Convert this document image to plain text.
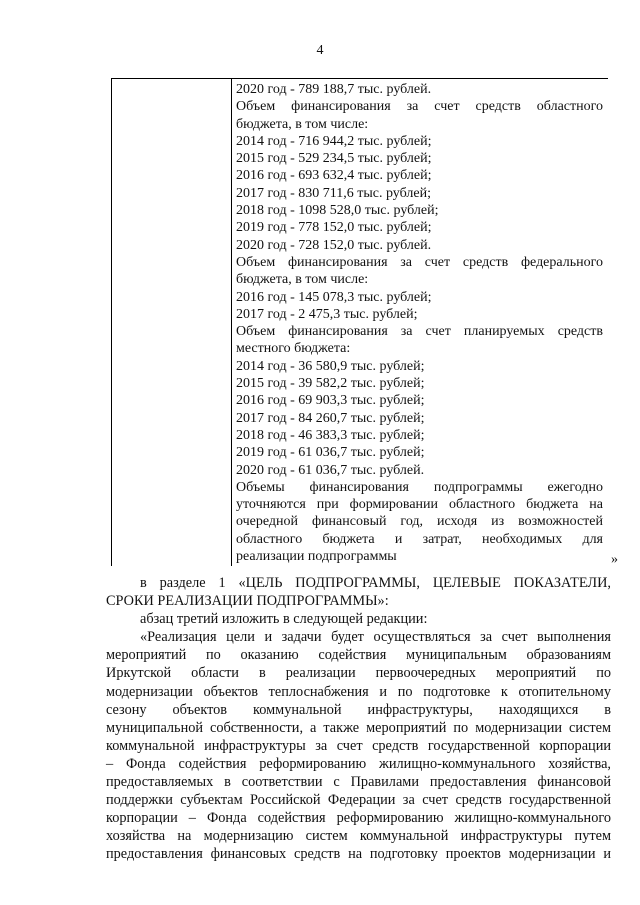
4

2020 год - 789 188,7 тыс. рублей.

Объем финансирования за счет средств областного

бюджета, в том числе:

2014 год - 716 944,2 тыс. рублей;

2015 год - 529 234,5 тыс. рублей;

2016 год - 693 632,4 тыс. рублей;

2017 год - 830 711,6 тыс. рублей;

2018 год - 1098 528,0 тыс. рублей;

2019 год - 778 152,0 тыс. рублей;

2020 год - 728 152,0 тыс. рублей.

Объем финансирования за счет средств федерального

бюджета, в том числе:

2016 год - 145 078,3 тыс. рублей;

2017 год - 2 475,3 тыс. рублей;

Объем финансирования за счет планируемых средств

местного бюджета:

2014 год - 36 580,9 тыс. рублей;

2015 год - 39 582,2 тыс. рублей;

2016 год - 69 903,3 тыс. рублей;

2017 год - 84 260,7 тыс. рублей;

2018 год - 46 383,3 тыс. рублей;

2019 год - 61 036,7 тыс. рублей;

2020 год - 61 036,7 тыс. рублей.

Объемы финансирования подпрограммы ежегодно

уточняются при формировании областного бюджета на

очередной финансовый год, исходя из возможностей

областного бюджета и затрат, необходимых для

реализации подпрограммы	»

в разделе 1 «ЦЕЛЬ ПОДПРОГРАММЫ, ЦЕЛЕВЫЕ ПОКАЗАТЕЛИ,

СРОКИ РЕАЛИЗАЦИИ ПОДПРОГРАММЫ»:

абзац третий изложить в следующей редакции:

«Реализация цели и задачи будет осуществляться за счет выполнения

мероприятий по оказанию содействия муниципальным образованиям

Иркутской области в реализации первоочередных мероприятий по

модернизации объектов теплоснабжения и по подготовке к отопительному

сезону объектов коммунальной инфраструктуры, находящихся в

муниципальной собственности, а также мероприятий по модернизации систем

коммунальной инфраструктуры за счет средств государственной корпорации

– Фонда содействия реформированию жилищно-коммунального хозяйства,

предоставляемых в соответствии с Правилами предоставления финансовой

поддержки субъектам Российской Федерации за счет средств государственной

корпорации – Фонда содействия реформированию жилищно-коммунального

хозяйства на модернизацию систем коммунальной инфраструктуры путем

предоставления финансовых средств на подготовку проектов модернизации и
